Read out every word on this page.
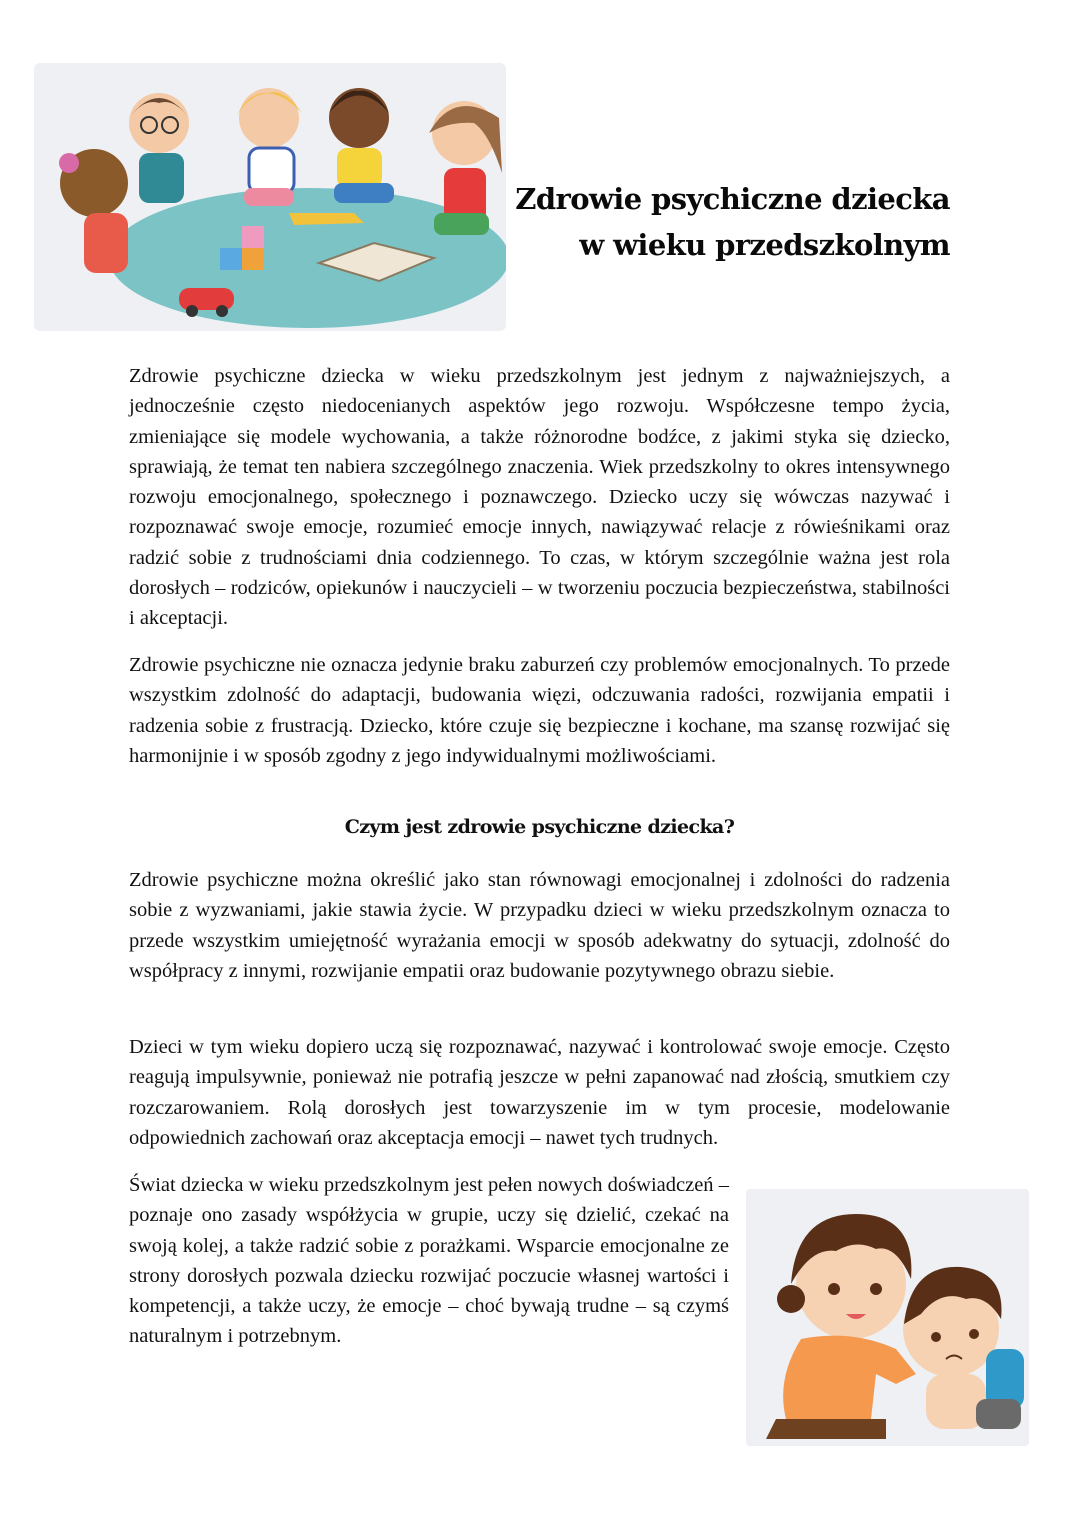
Zdrowie psychiczne dziecka
w wieku przedszkolnym

Zdrowie psychiczne dziecka w wieku przedszkolnym jest jednym z najważniejszych, a jednocześnie często niedocenianych aspektów jego rozwoju. Współczesne tempo życia, zmieniające się modele wychowania, a także różnorodne bodźce, z jakimi styka się dziecko, sprawiają, że temat ten nabiera szczególnego znaczenia. Wiek przedszkolny to okres intensywnego rozwoju emocjonalnego, społecznego i poznawczego. Dziecko uczy się wówczas nazywać i rozpoznawać swoje emocje, rozumieć emocje innych, nawiązywać relacje z rówieśnikami oraz radzić sobie z trudnościami dnia codziennego. To czas, w którym szczególnie ważna jest rola dorosłych – rodziców, opiekunów i nauczycieli – w tworzeniu poczucia bezpieczeństwa, stabilności i akceptacji.

Zdrowie psychiczne nie oznacza jedynie braku zaburzeń czy problemów emocjonalnych. To przede wszystkim zdolność do adaptacji, budowania więzi, odczuwania radości, rozwijania empatii i radzenia sobie z frustracją. Dziecko, które czuje się bezpieczne i kochane, ma szansę rozwijać się harmonijnie i w sposób zgodny z jego indywidualnymi możliwościami.

Czym jest zdrowie psychiczne dziecka?

Zdrowie psychiczne można określić jako stan równowagi emocjonalnej i zdolności do radzenia sobie z wyzwaniami, jakie stawia życie. W przypadku dzieci w wieku przedszkolnym oznacza to przede wszystkim umiejętność wyrażania emocji w sposób adekwatny do sytuacji, zdolność do współpracy z innymi, rozwijanie empatii oraz budowanie pozytywnego obrazu siebie.

Dzieci w tym wieku dopiero uczą się rozpoznawać, nazywać i kontrolować swoje emocje. Często reagują impulsywnie, ponieważ nie potrafią jeszcze w pełni zapanować nad złością, smutkiem czy rozczarowaniem. Rolą dorosłych jest towarzyszenie im w tym procesie, modelowanie odpowiednich zachowań oraz akceptacja emocji – nawet tych trudnych.

Świat dziecka w wieku przedszkolnym jest pełen nowych doświadczeń – poznaje ono zasady współżycia w grupie, uczy się dzielić, czekać na swoją kolej, a także radzić sobie z porażkami. Wsparcie emocjonalne ze strony dorosłych pozwala dziecku rozwijać poczucie własnej wartości i kompetencji, a także uczy, że emocje – choć bywają trudne – są czymś naturalnym i potrzebnym.
